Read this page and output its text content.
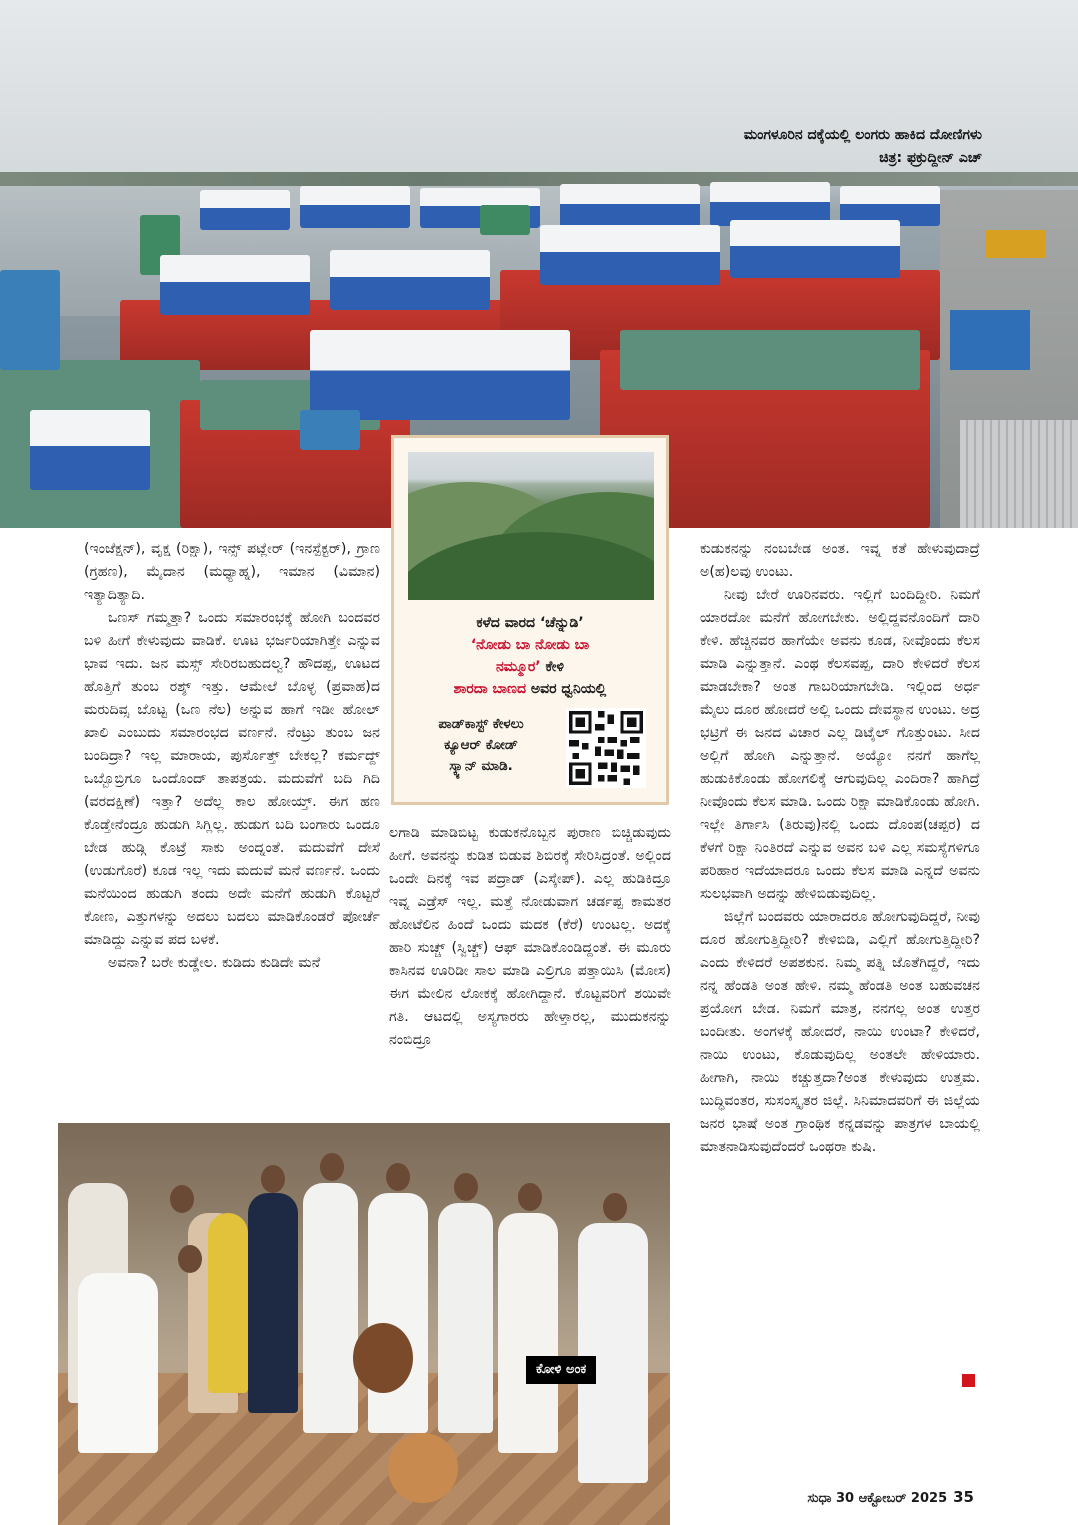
ಮಂಗಳೂರಿನ ದಕ್ಕೆಯಲ್ಲಿ ಲಂಗರು ಹಾಕಿದ ದೋಣಿಗಳು
ಚಿತ್ರ: ಫಕ್ರುದ್ದೀನ್ ಎಚ್

(ಇಂಜೆಕ್ಷನ್), ವೃಕ್ಷ (ರಿಕ್ಷಾ), ಇನ್ಸ್ ಪಟ್ಲೇರ್ (ಇನಸ್ಪೆಕ್ಟರ್), ಗ್ರಾಣ (ಗ್ರಹಣ), ಮೈದಾನ (ಮಧ್ಯಾಹ್ನ), ಇಮಾನ (ವಿಮಾನ) ಇತ್ಯಾದಿತ್ಯಾದಿ.

ಒಣಸ್ ಗಮ್ಮತ್ತಾ? ಒಂದು ಸಮಾರಂಭಕ್ಕೆ ಹೋಗಿ ಬಂದವರ ಬಳಿ ಹೀಗೆ ಕೇಳುವುದು ವಾಡಿಕೆ. ಊಟ ಭರ್ಜರಿಯಾಗಿತ್ತೇ ಎನ್ನುವ ಭಾವ ಇದು. ಜನ ಮಸ್ಸ್ ಸೇರಿರಬಹುದಲ್ವ? ಹೌದಪ್ಪ, ಊಟದ ಹೊತ್ತಿಗೆ ತುಂಬ ರಶ್ಶ್ ಇತ್ತು. ಆಮೇಲೆ ಬೊಳ್ಳ (ಪ್ರವಾಹ)ದ ಮರುದಿವ್ಸ ಬೊಟ್ಟ (ಒಣ ನೆಲ) ಅನ್ನುವ ಹಾಗೆ ಇಡೀ ಹೋಲ್ ಖಾಲಿ ಎಂಬುದು ಸಮಾರಂಭದ ವರ್ಣನೆ. ನೆಂಟ್ರು ತುಂಬ ಜನ ಬಂದಿದ್ರಾ? ಇಲ್ಲ ಮಾರಾಯ, ಪುರ್ಸೊತ್ತ್ ಬೇಕಲ್ಲ? ಕರ್ಮದ್ದ್ ಒಬ್ಬೊಬ್ರಿಗೂ ಒಂದೊಂದ್ ತಾಪತ್ರಯ. ಮದುವೆಗೆ ಬದಿ ಗಿದಿ (ವರದಕ್ಷಿಣೆ) ಇತ್ತಾ? ಅದೆಲ್ಲ ಕಾಲ ಹೋಯ್ತ್. ಈಗ ಹಣ ಕೊಡ್ತೇನೆಂದ್ರೂ ಹುಡುಗಿ ಸಿಗ್ಲಿಲ್ಲ. ಹುಡುಗ ಬದಿ ಬಂಗಾರು ಒಂದೂ ಬೇಡ ಹುಡ್ಗಿ ಕೊಟ್ರೆ ಸಾಕು ಅಂದ್ನಂತೆ. ಮದುವೆಗೆ ದೇಸೆ (ಉಡುಗೊರೆ) ಕೂಡ ಇಲ್ಲ ಇದು ಮದುವೆ ಮನೆ ವರ್ಣನೆ. ಒಂದು ಮನೆಯಿಂದ ಹುಡುಗಿ ತಂದು ಅದೇ ಮನೆಗೆ ಹುಡುಗಿ ಕೊಟ್ಟರೆ ಕೋಣ, ಎತ್ತುಗಳನ್ನು ಅದಲು ಬದಲು ಮಾಡಿಕೊಂಡರೆ ಪೋರ್ಚೆ ಮಾಡಿದ್ದು ಎನ್ನುವ ಪದ ಬಳಕೆ.

ಅವನಾ? ಬರೇ ಕುಡ್ಡೇಲ. ಕುಡಿದು ಕುಡಿದೇ ಮನೆ

ಕಳೆದ ವಾರದ ‘ಚೆನ್ನುಡಿ’
‘ನೋಡು ಬಾ ನೋಡು ಬಾ
ನಮ್ಮೂರ’ ಕೇಳಿ
ಶಾರದಾ ಬಾಣದ ಅವರ ಧ್ವನಿಯಲ್ಲಿ
ಪಾಡ್‌ಕಾಸ್ಟ್ ಕೇಳಲು
ಕ್ಯೂಆರ್ ಕೋಡ್
ಸ್ಕ್ಯಾನ್ ಮಾಡಿ.

ಲಗಾಡಿ ಮಾಡಿಬಿಟ್ಟ ಕುಡುಕನೊಬ್ಬನ ಪುರಾಣ ಬಿಚ್ಚಿಡುವುದು ಹೀಗೆ. ಅವನನ್ನು ಕುಡಿತ ಬಿಡುವ ಶಿಬಿರಕ್ಕೆ ಸೇರಿಸಿದ್ರಂತೆ. ಅಲ್ಲಿಂದ ಒಂದೇ ದಿನಕ್ಕೆ ಇವ ಪದ್ರಾಡ್ (ಎಸ್ಕೇಪ್). ಎಲ್ಲ ಹುಡಿಕಿದ್ರೂ ಇವ್ನ ಎಡ್ರೆಸ್ ಇಲ್ಲ. ಮತ್ತೆ ನೋಡುವಾಗ ಚರ್ಡಪ್ಪ ಕಾಮತರ ಹೋಟೆಲಿನ ಹಿಂದೆ ಒಂದು ಮದಕ (ಕೆರೆ) ಉಂಟಲ್ಲ. ಅದಕ್ಕೆ ಹಾರಿ ಸುಚ್ಚ್ (ಸ್ವಿಚ್ಚ್) ಆಫ್ ಮಾಡಿಕೊಂಡಿದ್ದಂತೆ. ಈ ಮೂರು ಕಾಸಿನವ ಊರಿಡೀ ಸಾಲ ಮಾಡಿ ಎಲ್ರಿಗೂ ಪತ್ತಾಯಿಸಿ (ಮೋಸ) ಈಗ ಮೇಲಿನ ಲೋಕಕ್ಕೆ ಹೋಗಿದ್ದಾನೆ. ಕೊಟ್ಟವರಿಗೆ ಶಯಿವೇ ಗತಿ. ಆಟದಲ್ಲಿ ಅಸ್ಯಗಾರರು ಹೇಳ್ತಾರಲ್ಲ, ಮುದುಕನನ್ನು ನಂಬಿದ್ರೂ

ಕುಡುಕನನ್ನು ನಂಬಬೇಡ ಅಂತ. ಇವ್ನ ಕತೆ ಹೇಳುವುದಾದ್ರೆ ಅ(ಹ)ಲವು ಉಂಟು.

ನೀವು ಬೇರೆ ಊರಿನವರು. ಇಲ್ಲಿಗೆ ಬಂದಿದ್ದೀರಿ. ನಿಮಗೆ ಯಾರದೋ ಮನೆಗೆ ಹೋಗಬೇಕು. ಅಲ್ಲಿದ್ದವನೊಂದಿಗೆ ದಾರಿ ಕೇಳಿ. ಹೆಚ್ಚಿನವರ ಹಾಗೆಯೇ ಅವನು ಕೂಡ, ನೀವೊಂದು ಕೆಲಸ ಮಾಡಿ ಎನ್ನುತ್ತಾನೆ. ಎಂಥ ಕೆಲಸವಪ್ಪ, ದಾರಿ ಕೇಳಿದರೆ ಕೆಲಸ ಮಾಡಬೇಕಾ? ಅಂತ ಗಾಬರಿಯಾಗಬೇಡಿ. ಇಲ್ಲಿಂದ ಅರ್ಧ ಮೈಲು ದೂರ ಹೋದರೆ ಅಲ್ಲಿ ಒಂದು ದೇವಸ್ಥಾನ ಉಂಟು. ಅದ್ರ ಭಟ್ರಿಗೆ ಈ ಜನದ ವಿಚಾರ ಎಲ್ಲ ಡಿಟೈಲ್ ಗೊತ್ತುಂಟು. ಸೀದ ಅಲ್ಲಿಗೆ ಹೋಗಿ ಎನ್ನುತ್ತಾನೆ. ಅಯ್ಯೋ ನನಗೆ ಹಾಗೆಲ್ಲ ಹುಡುಕಿಕೊಂಡು ಹೋಗಲಿಕ್ಕೆ ಆಗುವುದಿಲ್ಲ ಎಂದಿರಾ? ಹಾಗಿದ್ರೆ ನೀವೊಂದು ಕೆಲಸ ಮಾಡಿ. ಒಂದು ರಿಕ್ಷಾ ಮಾಡಿಕೊಂಡು ಹೋಗಿ. ಇಲ್ಲೇ ತಿರ್ಗಾಸಿ (ತಿರುವು)ನಲ್ಲಿ ಒಂದು ದೊಂಪ(ಚಪ್ಪರ) ದ ಕೆಳಗೆ ರಿಕ್ಷಾ ನಿಂತಿರದೆ ಎನ್ನುವ ಅವನ ಬಳಿ ಎಲ್ಲ ಸಮಸ್ಯೆಗಳಿಗೂ ಪರಿಹಾರ ಇದೆಯಾದರೂ ಒಂದು ಕೆಲಸ ಮಾಡಿ ಎನ್ನದೆ ಅವನು ಸುಲಭವಾಗಿ ಅದನ್ನು ಹೇಳಿಬಿಡುವುದಿಲ್ಲ.

ಜಿಲ್ಲೆಗೆ ಬಂದವರು ಯಾರಾದರೂ ಹೋಗುವುದಿದ್ದರೆ, ನೀವು ದೂರ ಹೋಗುತ್ತಿದ್ದೀರಿ? ಕೇಳಿಬಿಡಿ, ಎಲ್ಲಿಗೆ ಹೋಗುತ್ತಿದ್ದೀರಿ?ಎಂದು ಕೇಳಿದರೆ ಅಪಶಕುನ. ನಿಮ್ಮ ಪತ್ನಿ ಜೊತೆಗಿದ್ದರೆ, ಇದು ನನ್ನ ಹೆಂಡತಿ ಅಂತ ಹೇಳಿ. ನಮ್ಮ ಹೆಂಡತಿ ಅಂತ ಬಹುವಚನ ಪ್ರಯೋಗ ಬೇಡ. ನಿಮಗೆ ಮಾತ್ರ, ನನಗಲ್ಲ ಅಂತ ಉತ್ತರ ಬಂದೀತು. ಅಂಗಳಕ್ಕೆ ಹೋದರೆ, ನಾಯಿ ಉಂಟಾ? ಕೇಳಿದರೆ, ನಾಯಿ ಉಂಟು, ಕೊಡುವುದಿಲ್ಲ ಅಂತಲೇ ಹೇಳಿಯಾರು. ಹೀಗಾಗಿ, ನಾಯಿ ಕಚ್ಚುತ್ತದಾ?ಅಂತ ಕೇಳುವುದು ಉತ್ತಮ. ಬುದ್ಧಿವಂತರ, ಸುಸಂಸ್ಕೃತರ ಜಿಲ್ಲೆ. ಸಿನಿಮಾದವರಿಗೆ ಈ ಜಿಲ್ಲೆಯ ಜನರ ಭಾಷೆ ಅಂತ ಗ್ರಾಂಥಿಕ ಕನ್ನಡವನ್ನು ಪಾತ್ರಗಳ ಬಾಯಲ್ಲಿ ಮಾತನಾಡಿಸುವುದೆಂದರೆ ಒಂಥರಾ ಕುಷಿ.

ಕೋಳಿ ಅಂಕ
ಸುಧಾ 30 ಆಕ್ಟೋಬರ್ 2025 35
